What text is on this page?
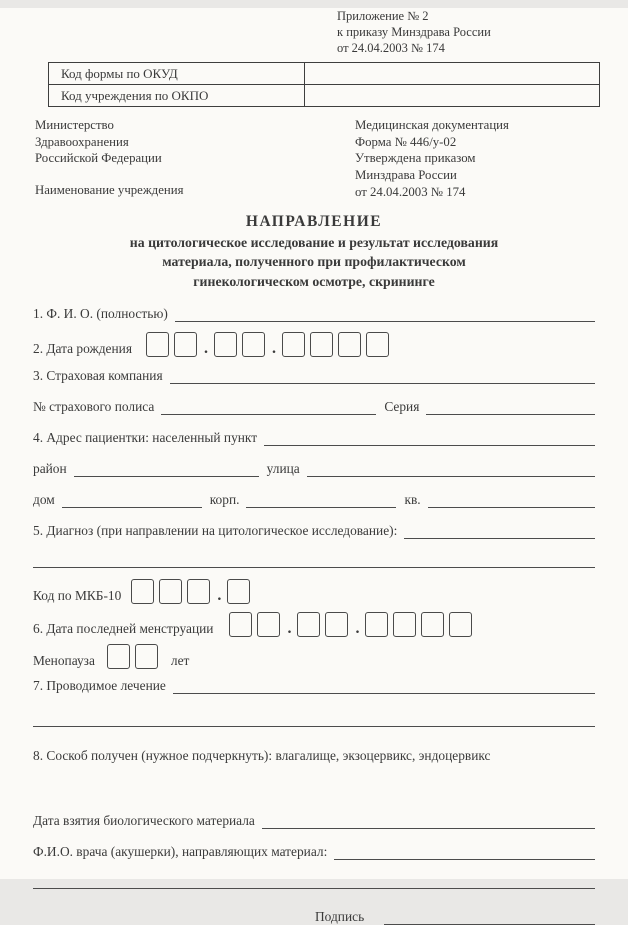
Приложение № 2
к приказу Минздрава России
от 24.04.2003 № 174
Код формы по ОКУД	
Код учреждения по ОКПО	
Министерство
Здравоохранения
Российской Федерации
Наименование учреждения
Медицинская документация
Форма № 446/у-02
Утверждена приказом
Минздрава России
от 24.04.2003 № 174
НАПРАВЛЕНИЕ
на цитологическое исследование и результат исследования
материала, полученного при профилактическом
гинекологическом осмотре, скрининге
1. Ф. И. О. (полностью)
2. Дата рождения	.	.
3. Страховая компания
№ страхового полиса	Серия
4. Адрес пациентки: населенный пункт
район	улица
дом	корп.	кв.
5. Диагноз (при направлении на цитологическое исследование):
Код по МКБ-10	.
6. Дата последней менструации	.	.
Менопауза	лет
7. Проводимое лечение
8. Соскоб получен (нужное подчеркнуть): влагалище, экзоцервикс, эндоцервикс
Дата взятия биологического материала
Ф.И.О. врача (акушерки), направляющих материал:
Подпись
